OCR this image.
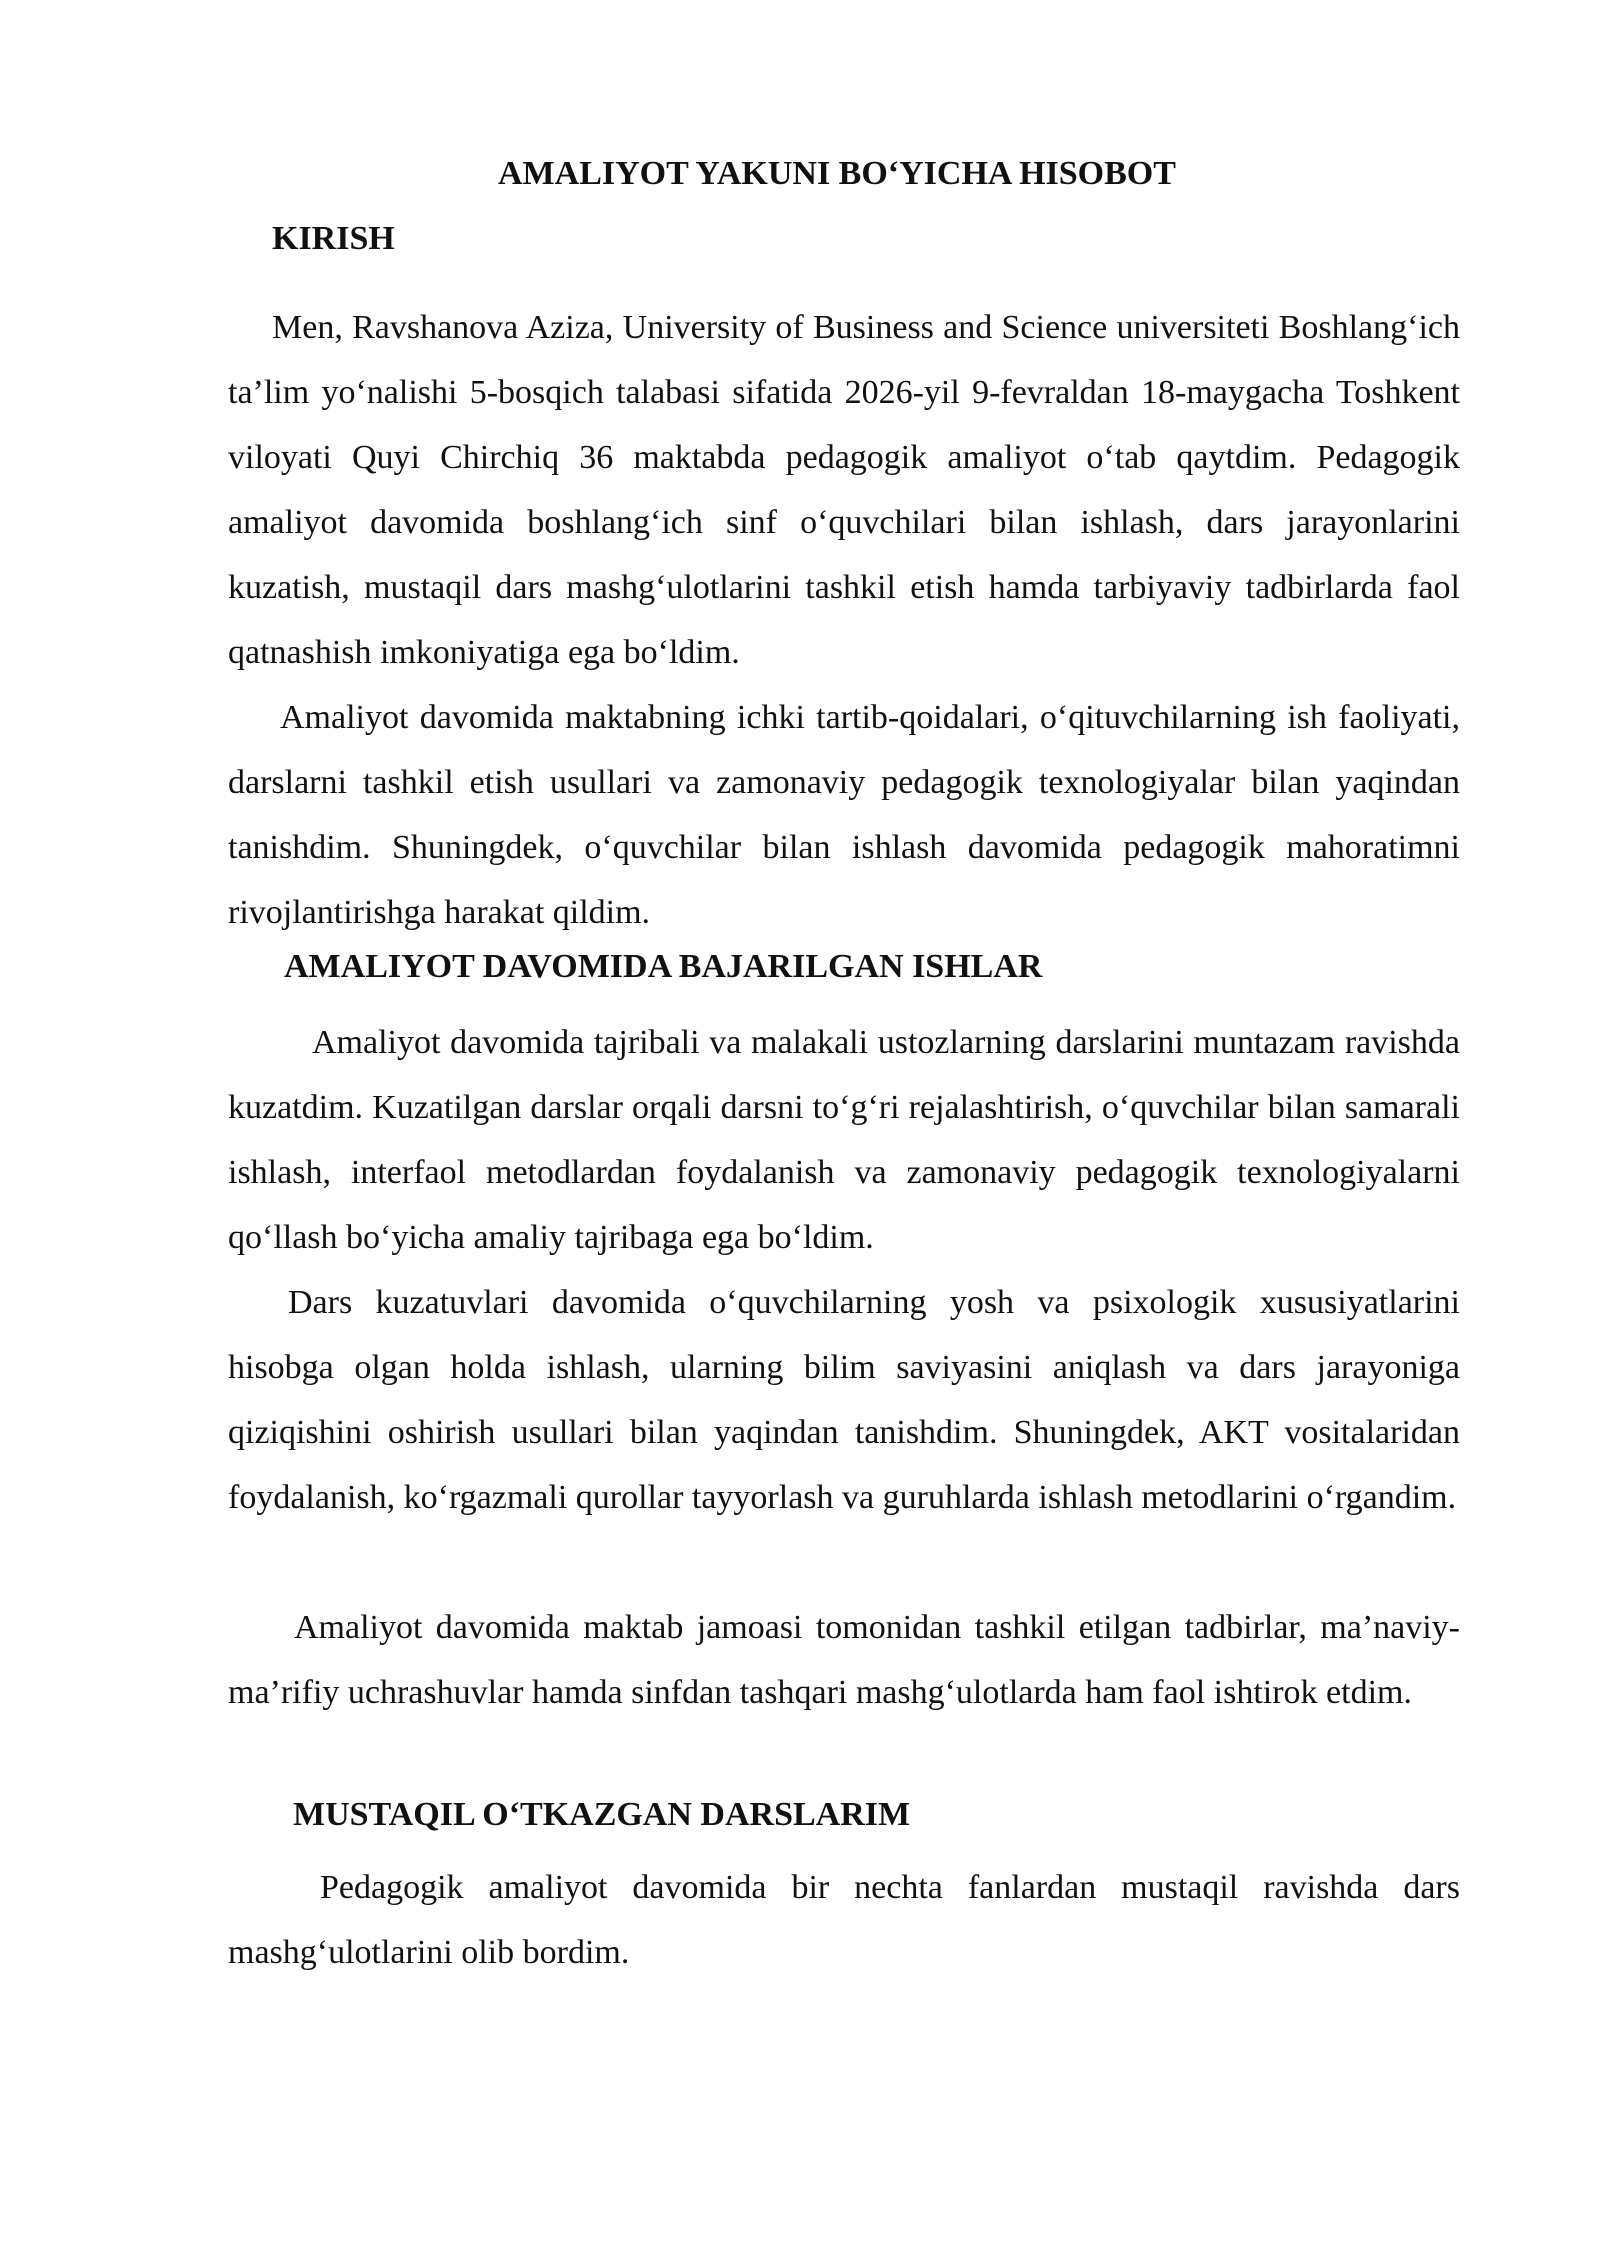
AMALIYOT YAKUNI BO‘YICHA HISOBOT
KIRISH

Men, Ravshanova Aziza, University of Business and Science universiteti Boshlang‘ich ta’lim yo‘nalishi 5-bosqich talabasi sifatida 2026-yil 9-fevraldan 18-maygacha Toshkent viloyati Quyi Chirchiq 36 maktabda pedagogik amaliyot o‘tab qaytdim. Pedagogik amaliyot davomida boshlang‘ich sinf o‘quvchilari bilan ishlash, dars jarayonlarini kuzatish, mustaqil dars mashg‘ulotlarini tashkil etish hamda tarbiyaviy tadbirlarda faol qatnashish imkoniyatiga ega bo‘ldim.

Amaliyot davomida maktabning ichki tartib-qoidalari, o‘qituvchilarning ish faoliyati, darslarni tashkil etish usullari va zamonaviy pedagogik texnologiyalar bilan yaqindan tanishdim. Shuningdek, o‘quvchilar bilan ishlash davomida pedagogik mahoratimni rivojlantirishga harakat qildim.

AMALIYOT DAVOMIDA BAJARILGAN ISHLAR

Amaliyot davomida tajribali va malakali ustozlarning darslarini muntazam ravishda kuzatdim. Kuzatilgan darslar orqali darsni to‘g‘ri rejalashtirish, o‘quvchilar bilan samarali ishlash, interfaol metodlardan foydalanish va zamonaviy pedagogik texnologiyalarni qo‘llash bo‘yicha amaliy tajribaga ega bo‘ldim.

Dars kuzatuvlari davomida o‘quvchilarning yosh va psixologik xususiyatlarini hisobga olgan holda ishlash, ularning bilim saviyasini aniqlash va dars jarayoniga qiziqishini oshirish usullari bilan yaqindan tanishdim. Shuningdek, AKT vositalaridan foydalanish, ko‘rgazmali qurollar tayyorlash va guruhlarda ishlash metodlarini o‘rgandim.

Amaliyot davomida maktab jamoasi tomonidan tashkil etilgan tadbirlar, ma’naviy-ma’rifiy uchrashuvlar hamda sinfdan tashqari mashg‘ulotlarda ham faol ishtirok etdim.

MUSTAQIL O‘TKAZGAN DARSLARIM

Pedagogik amaliyot davomida bir nechta fanlardan mustaqil ravishda dars mashg‘ulotlarini olib bordim.
